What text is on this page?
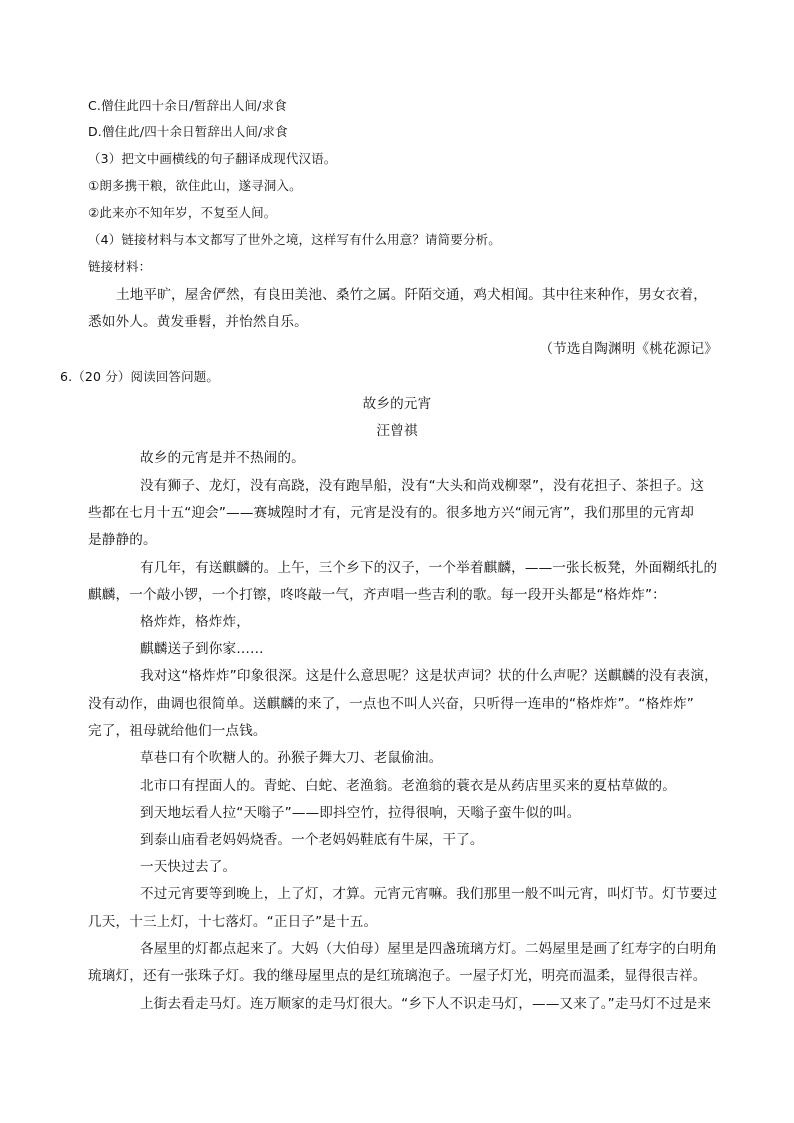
C.僧住此四十余日/暂辞出人间/求食
D.僧住此/四十余日暂辞出人间/求食
（3）把文中画横线的句子翻译成现代汉语。
①朗多携干粮，欲住此山，遂寻洞入。
②此来亦不知年岁，不复至人间。
（4）链接材料与本文都写了世外之境，这样写有什么用意？请简要分析。
链接材料：
土地平旷，屋舍俨然，有良田美池、桑竹之属。阡陌交通，鸡犬相闻。其中往来种作，男女衣着，
悉如外人。黄发垂髫，并怡然自乐。
（节选自陶渊明《桃花源记》
6.（20 分）阅读回答问题。
故乡的元宵
汪曾祺
故乡的元宵是并不热闹的。
没有狮子、龙灯，没有高跷，没有跑旱船，没有“大头和尚戏柳翠”，没有花担子、茶担子。这
些都在七月十五“迎会”——赛城隍时才有，元宵是没有的。很多地方兴“闹元宵”，我们那里的元宵却
是静静的。
有几年，有送麒麟的。上午，三个乡下的汉子，一个举着麒麟，——一张长板凳，外面糊纸扎的
麒麟，一个敲小锣，一个打镲，咚咚敲一气，齐声唱一些吉利的歌。每一段开头都是“格炸炸”：
格炸炸，格炸炸，
麒麟送子到你家……
我对这“格炸炸”印象很深。这是什么意思呢？这是状声词？状的什么声呢？送麒麟的没有表演，
没有动作，曲调也很简单。送麒麟的来了，一点也不叫人兴奋，只听得一连串的“格炸炸”。“格炸炸”
完了，祖母就给他们一点钱。
草巷口有个吹糖人的。孙猴子舞大刀、老鼠偷油。
北市口有捏面人的。青蛇、白蛇、老渔翁。老渔翁的蓑衣是从药店里买来的夏枯草做的。
到天地坛看人拉“天嗡子”——即抖空竹，拉得很响，天嗡子蛮牛似的叫。
到泰山庙看老妈妈烧香。一个老妈妈鞋底有牛屎，干了。
一天快过去了。
不过元宵要等到晚上，上了灯，才算。元宵元宵嘛。我们那里一般不叫元宵，叫灯节。灯节要过
几天，十三上灯，十七落灯。“正日子”是十五。
各屋里的灯都点起来了。大妈（大伯母）屋里是四盏琉璃方灯。二妈屋里是画了红寿字的白明角
琉璃灯，还有一张珠子灯。我的继母屋里点的是红琉璃泡子。一屋子灯光，明亮而温柔，显得很吉祥。
上街去看走马灯。连万顺家的走马灯很大。“乡下人不识走马灯，——又来了。”走马灯不过是来
